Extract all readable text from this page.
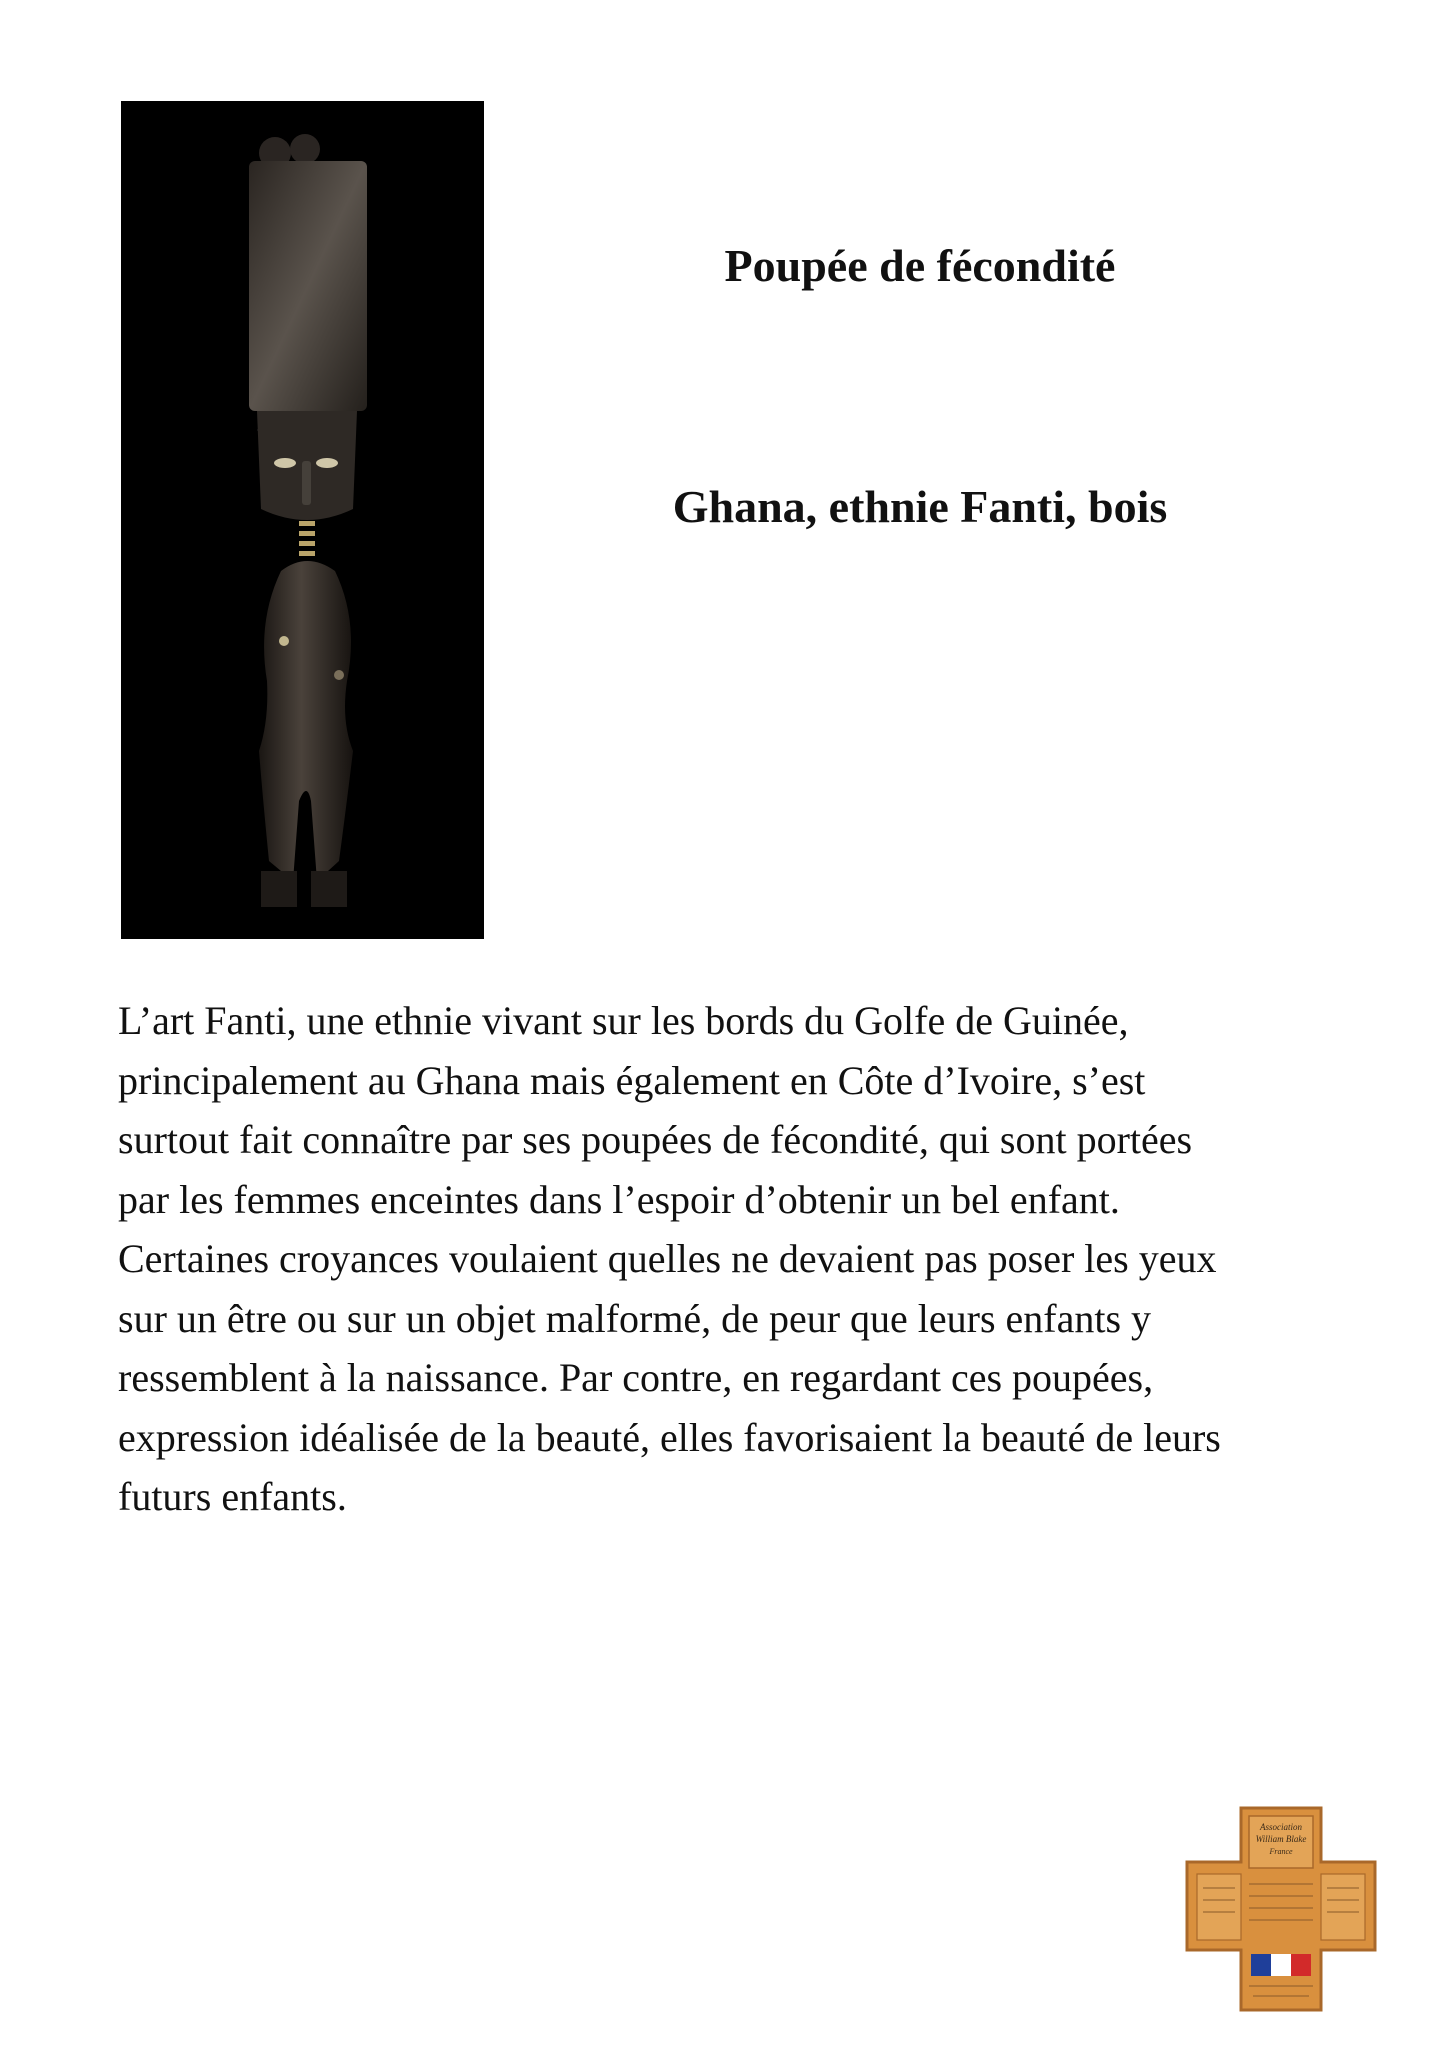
Poupée de fécondité
Ghana, ethnie Fanti, bois

L’art Fanti, une ethnie vivant sur les bords du Golfe de Guinée,
principalement au Ghana mais également en Côte d’Ivoire, s’est
surtout fait connaître par ses poupées de fécondité, qui sont portées
par les femmes enceintes dans l’espoir d’obtenir un bel enfant.
Certaines croyances voulaient quelles ne devaient pas poser les yeux
sur un être ou sur un objet malformé, de peur que leurs enfants y
ressemblent à la naissance. Par contre, en regardant ces poupées,
expression idéalisée de la beauté, elles favorisaient la beauté de leurs
futurs enfants.

Association
William Blake
France
